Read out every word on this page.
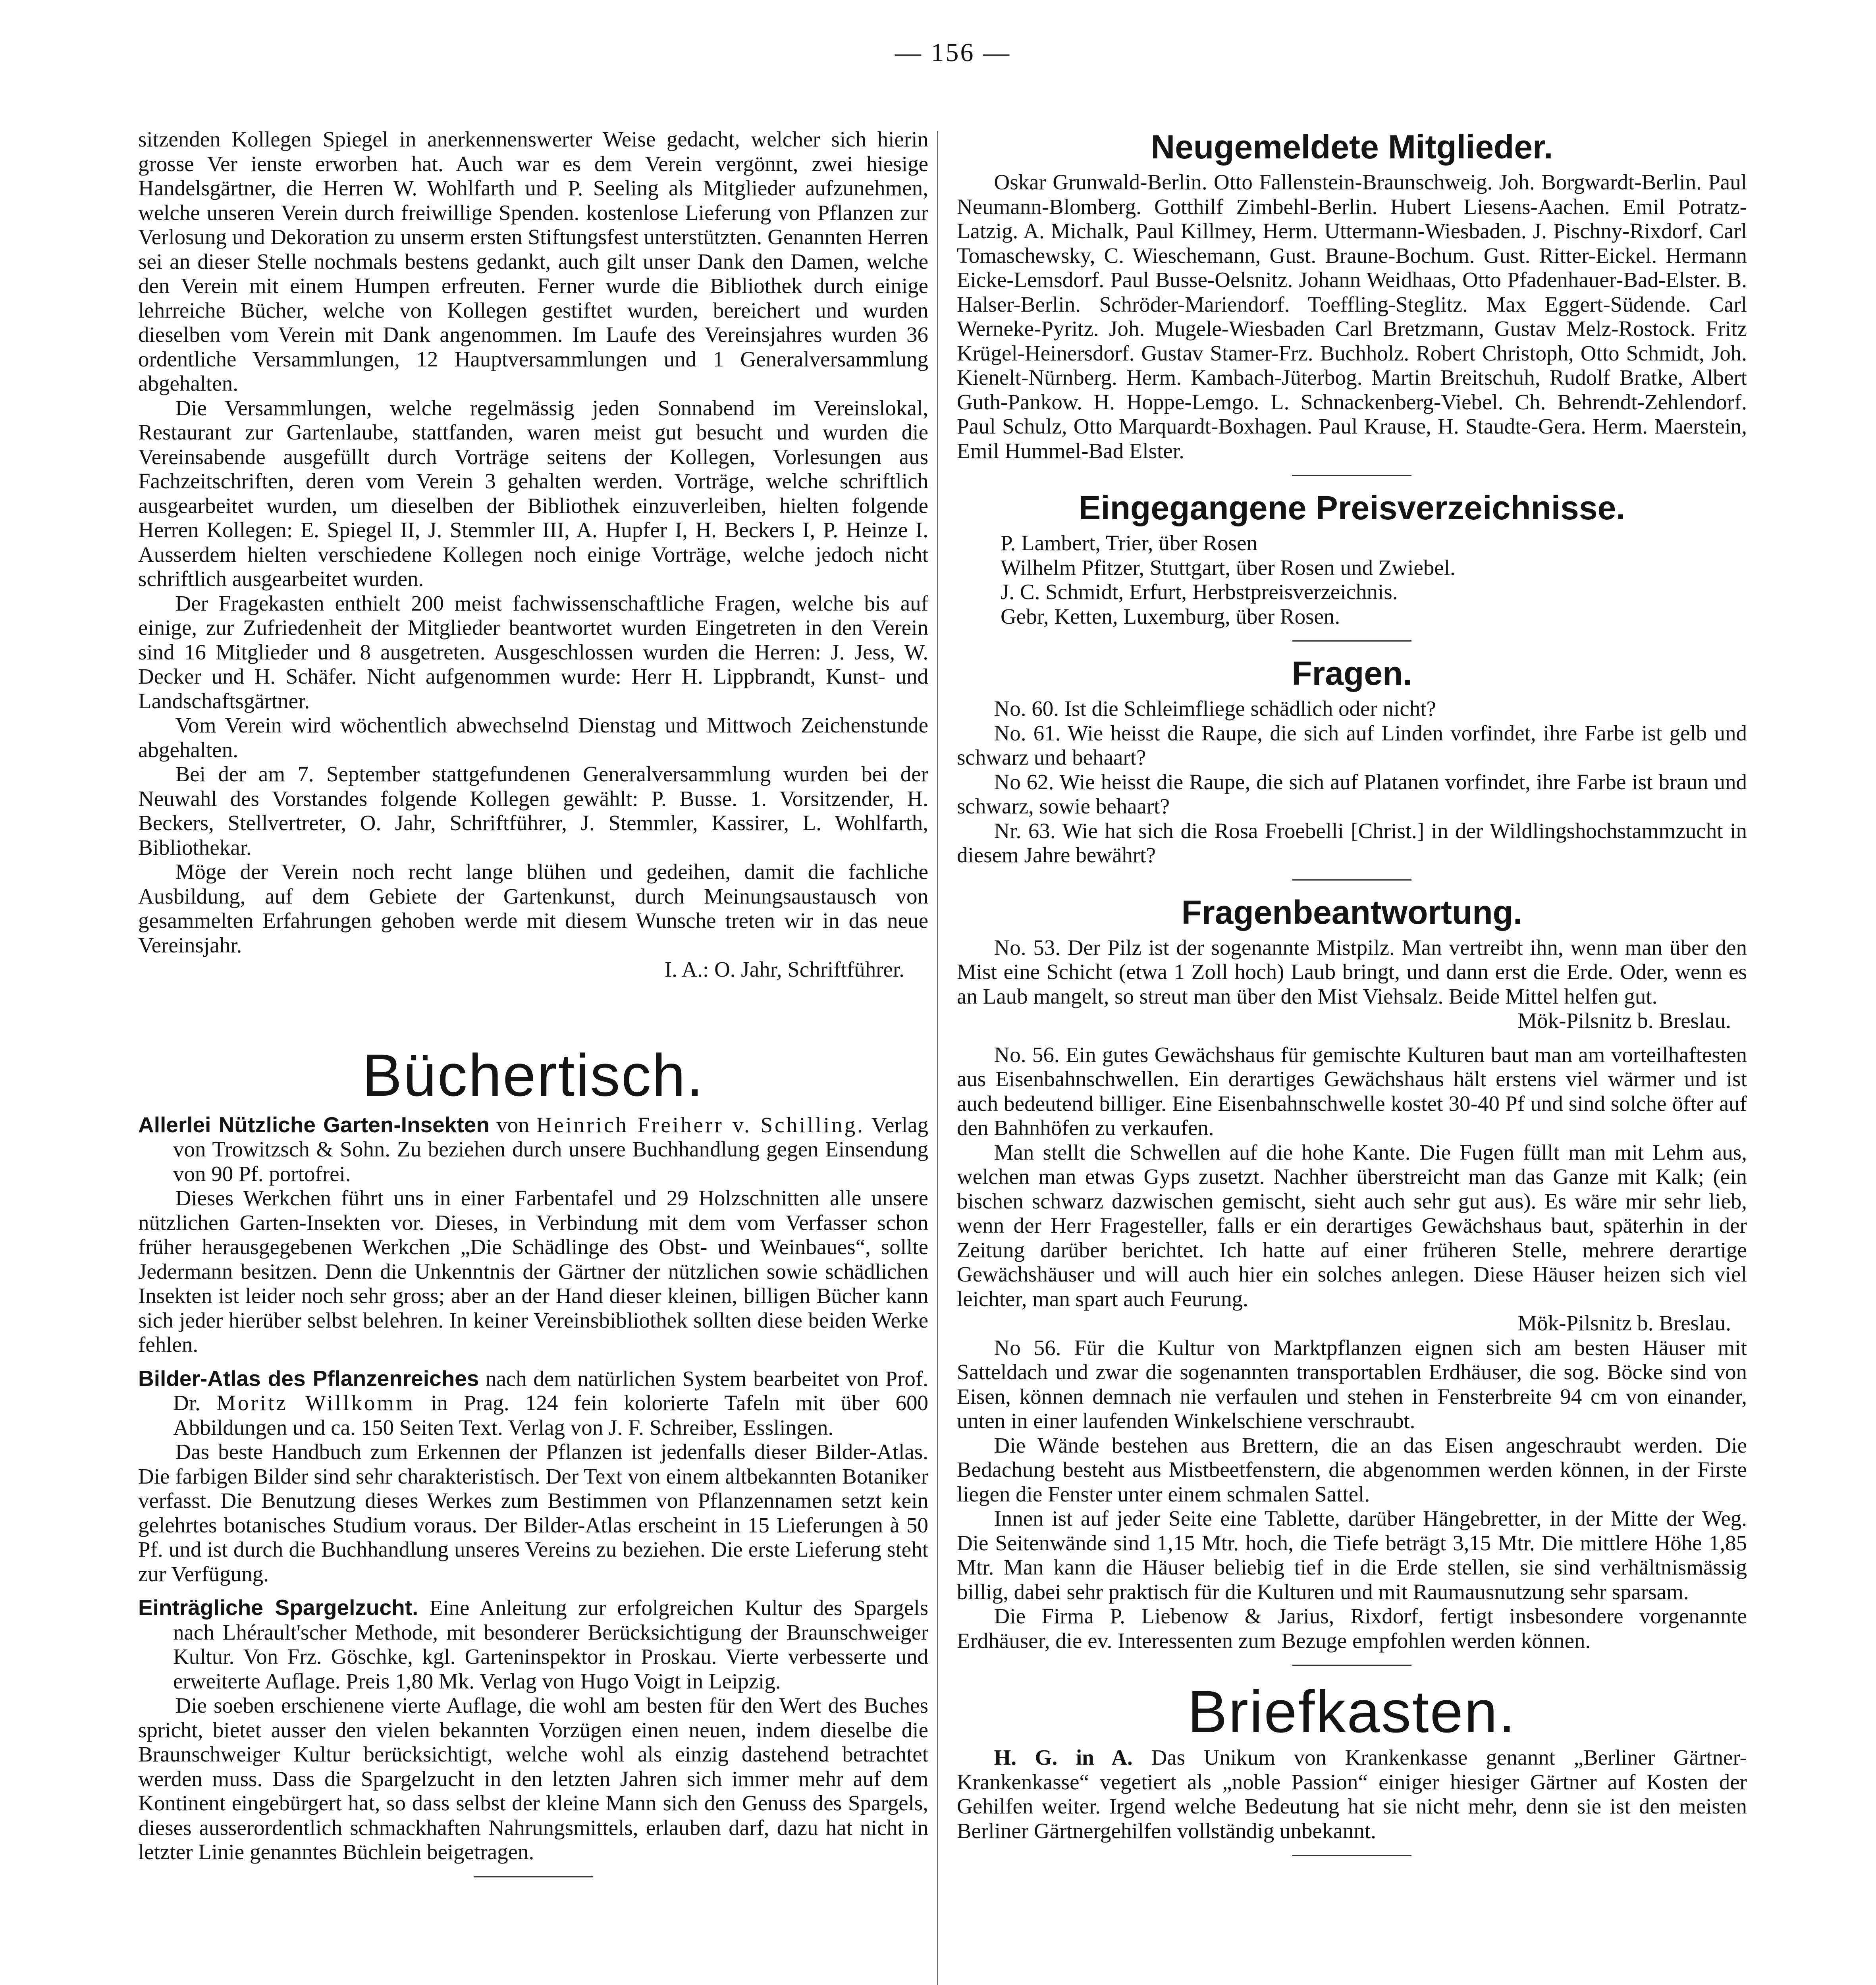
— 156 —

sitzenden Kollegen Spiegel in anerkennenswerter Weise gedacht, welcher sich hierin grosse Ver ienste erworben hat. Auch war es dem Verein vergönnt, zwei hiesige Handelsgärtner, die Herren W. Wohlfarth und P. Seeling als Mitglieder aufzunehmen, welche unseren Verein durch freiwillige Spenden. kostenlose Lieferung von Pflanzen zur Verlosung und Dekoration zu unserm ersten Stiftungsfest unterstützten. Genannten Herren sei an dieser Stelle nochmals bestens gedankt, auch gilt unser Dank den Damen, welche den Verein mit einem Humpen erfreuten. Ferner wurde die Bibliothek durch einige lehrreiche Bücher, welche von Kollegen gestiftet wurden, bereichert und wurden dieselben vom Verein mit Dank angenommen. Im Laufe des Vereinsjahres wurden 36 ordentliche Versammlungen, 12 Hauptversammlungen und 1 Generalversammlung abgehalten.

Die Versammlungen, welche regelmässig jeden Sonnabend im Vereinslokal, Restaurant zur Gartenlaube, stattfanden, waren meist gut besucht und wurden die Vereinsabende ausgefüllt durch Vorträge seitens der Kollegen, Vorlesungen aus Fachzeitschriften, deren vom Verein 3 gehalten werden. Vorträge, welche schriftlich ausgearbeitet wurden, um dieselben der Bibliothek einzuverleiben, hielten folgende Herren Kollegen: E. Spiegel II, J. Stemmler III, A. Hupfer I, H. Beckers I, P. Heinze I. Ausserdem hielten verschiedene Kollegen noch einige Vorträge, welche jedoch nicht schriftlich ausgearbeitet wurden.

Der Fragekasten enthielt 200 meist fachwissenschaftliche Fragen, welche bis auf einige, zur Zufriedenheit der Mitglieder beantwortet wurden Eingetreten in den Verein sind 16 Mitglieder und 8 ausgetreten. Ausgeschlossen wurden die Herren: J. Jess, W. Decker und H. Schäfer. Nicht aufgenommen wurde: Herr H. Lippbrandt, Kunst- und Landschaftsgärtner.

Vom Verein wird wöchentlich abwechselnd Dienstag und Mittwoch Zeichenstunde abgehalten.

Bei der am 7. September stattgefundenen Generalversammlung wurden bei der Neuwahl des Vorstandes folgende Kollegen gewählt: P. Busse. 1. Vorsitzender, H. Beckers, Stellvertreter, O. Jahr, Schriftführer, J. Stemmler, Kassirer, L. Wohlfarth, Bibliothekar.

Möge der Verein noch recht lange blühen und gedeihen, damit die fachliche Ausbildung, auf dem Gebiete der Gartenkunst, durch Meinungsaustausch von gesammelten Erfahrungen gehoben werde mit diesem Wunsche treten wir in das neue Vereinsjahr.

I. A.: O. Jahr, Schriftführer.
Büchertisch.

Allerlei Nützliche Garten-Insekten von Heinrich Freiherr v. Schilling. Verlag von Trowitzsch & Sohn. Zu beziehen durch unsere Buchhandlung gegen Einsendung von 90 Pf. portofrei.

Dieses Werkchen führt uns in einer Farbentafel und 29 Holzschnitten alle unsere nützlichen Garten-Insekten vor. Dieses, in Verbindung mit dem vom Verfasser schon früher herausgegebenen Werkchen „Die Schädlinge des Obst- und Weinbaues“, sollte Jedermann besitzen. Denn die Unkenntnis der Gärtner der nützlichen sowie schädlichen Insekten ist leider noch sehr gross; aber an der Hand dieser kleinen, billigen Bücher kann sich jeder hierüber selbst belehren. In keiner Vereinsbibliothek sollten diese beiden Werke fehlen.

Bilder-Atlas des Pflanzenreiches nach dem natürlichen System bearbeitet von Prof. Dr. Moritz Willkomm in Prag. 124 fein kolorierte Tafeln mit über 600 Abbildungen und ca. 150 Seiten Text. Verlag von J. F. Schreiber, Esslingen.

Das beste Handbuch zum Erkennen der Pflanzen ist jedenfalls dieser Bilder-Atlas. Die farbigen Bilder sind sehr charakteristisch. Der Text von einem altbekannten Botaniker verfasst. Die Benutzung dieses Werkes zum Bestimmen von Pflanzennamen setzt kein gelehrtes botanisches Studium voraus. Der Bilder-Atlas erscheint in 15 Lieferungen à 50 Pf. und ist durch die Buchhandlung unseres Vereins zu beziehen. Die erste Lieferung steht zur Verfügung.

Einträgliche Spargelzucht. Eine Anleitung zur erfolgreichen Kultur des Spargels nach Lhérault'scher Methode, mit besonderer Berücksichtigung der Braunschweiger Kultur. Von Frz. Göschke, kgl. Garteninspektor in Proskau. Vierte verbesserte und erweiterte Auflage. Preis 1,80 Mk. Verlag von Hugo Voigt in Leipzig.

Die soeben erschienene vierte Auflage, die wohl am besten für den Wert des Buches spricht, bietet ausser den vielen bekannten Vorzügen einen neuen, indem dieselbe die Braunschweiger Kultur berücksichtigt, welche wohl als einzig dastehend betrachtet werden muss. Dass die Spargelzucht in den letzten Jahren sich immer mehr auf dem Kontinent eingebürgert hat, so dass selbst der kleine Mann sich den Genuss des Spargels, dieses ausserordentlich schmackhaften Nahrungsmittels, erlauben darf, dazu hat nicht in letzter Linie genanntes Büchlein beigetragen.

Neugemeldete Mitglieder.

Oskar Grunwald-Berlin. Otto Fallenstein-Braunschweig. Joh. Borgwardt-Berlin. Paul Neumann-Blomberg. Gotthilf Zimbehl-Berlin. Hubert Liesens-Aachen. Emil Potratz-Latzig. A. Michalk, Paul Killmey, Herm. Uttermann-Wiesbaden. J. Pischny-Rixdorf. Carl Tomaschewsky, C. Wieschemann, Gust. Braune-Bochum. Gust. Ritter-Eickel. Hermann Eicke-Lemsdorf. Paul Busse-Oelsnitz. Johann Weidhaas, Otto Pfadenhauer-Bad-Elster. B. Halser-Berlin. Schröder-Mariendorf. Toeffling-Steglitz. Max Eggert-Südende. Carl Werneke-Pyritz. Joh. Mugele-Wiesbaden Carl Bretzmann, Gustav Melz-Rostock. Fritz Krügel-Heinersdorf. Gustav Stamer-Frz. Buchholz. Robert Christoph, Otto Schmidt, Joh. Kienelt-Nürnberg. Herm. Kambach-Jüterbog. Martin Breitschuh, Rudolf Bratke, Albert Guth-Pankow. H. Hoppe-Lemgo. L. Schnackenberg-Viebel. Ch. Behrendt-Zehlendorf. Paul Schulz, Otto Marquardt-Boxhagen. Paul Krause, H. Staudte-Gera. Herm. Maerstein, Emil Hummel-Bad Elster.

Eingegangene Preisverzeichnisse.
P. Lambert, Trier, über Rosen
Wilhelm Pfitzer, Stuttgart, über Rosen und Zwiebel.
J. C. Schmidt, Erfurt, Herbstpreisverzeichnis.
Gebr, Ketten, Luxemburg, über Rosen.
Fragen.

No. 60. Ist die Schleimfliege schädlich oder nicht?

No. 61. Wie heisst die Raupe, die sich auf Linden vorfindet, ihre Farbe ist gelb und schwarz und behaart?

No 62. Wie heisst die Raupe, die sich auf Platanen vorfindet, ihre Farbe ist braun und schwarz, sowie behaart?

Nr. 63. Wie hat sich die Rosa Froebelli [Christ.] in der Wildlingshochstammzucht in diesem Jahre bewährt?

Fragenbeantwortung.

No. 53. Der Pilz ist der sogenannte Mistpilz. Man vertreibt ihn, wenn man über den Mist eine Schicht (etwa 1 Zoll hoch) Laub bringt, und dann erst die Erde. Oder, wenn es an Laub mangelt, so streut man über den Mist Viehsalz. Beide Mittel helfen gut.

Mök-Pilsnitz b. Breslau.

No. 56. Ein gutes Gewächshaus für gemischte Kulturen baut man am vorteilhaftesten aus Eisenbahnschwellen. Ein derartiges Gewächshaus hält erstens viel wärmer und ist auch bedeutend billiger. Eine Eisenbahnschwelle kostet 30-40 Pf und sind solche öfter auf den Bahnhöfen zu verkaufen.

Man stellt die Schwellen auf die hohe Kante. Die Fugen füllt man mit Lehm aus, welchen man etwas Gyps zusetzt. Nachher überstreicht man das Ganze mit Kalk; (ein bischen schwarz dazwischen gemischt, sieht auch sehr gut aus). Es wäre mir sehr lieb, wenn der Herr Fragesteller, falls er ein derartiges Gewächshaus baut, späterhin in der Zeitung darüber berichtet. Ich hatte auf einer früheren Stelle, mehrere derartige Gewächshäuser und will auch hier ein solches anlegen. Diese Häuser heizen sich viel leichter, man spart auch Feurung.

Mök-Pilsnitz b. Breslau.

No 56. Für die Kultur von Marktpflanzen eignen sich am besten Häuser mit Satteldach und zwar die sogenannten transportablen Erdhäuser, die sog. Böcke sind von Eisen, können demnach nie verfaulen und stehen in Fensterbreite 94 cm von einander, unten in einer laufenden Winkelschiene verschraubt.

Die Wände bestehen aus Brettern, die an das Eisen angeschraubt werden. Die Bedachung besteht aus Mistbeetfenstern, die abgenommen werden können, in der Firste liegen die Fenster unter einem schmalen Sattel.

Innen ist auf jeder Seite eine Tablette, darüber Hängebretter, in der Mitte der Weg. Die Seitenwände sind 1,15 Mtr. hoch, die Tiefe beträgt 3,15 Mtr. Die mittlere Höhe 1,85 Mtr. Man kann die Häuser beliebig tief in die Erde stellen, sie sind verhältnismässig billig, dabei sehr praktisch für die Kulturen und mit Raumausnutzung sehr sparsam.

Die Firma P. Liebenow & Jarius, Rixdorf, fertigt insbesondere vorgenannte Erdhäuser, die ev. Interessenten zum Bezuge empfohlen werden können.

Briefkasten.

H. G. in A. Das Unikum von Krankenkasse genannt „Berliner Gärtner-Krankenkasse“ vegetiert als „noble Passion“ einiger hiesiger Gärtner auf Kosten der Gehilfen weiter. Irgend welche Bedeutung hat sie nicht mehr, denn sie ist den meisten Berliner Gärtnergehilfen vollständig unbekannt.
